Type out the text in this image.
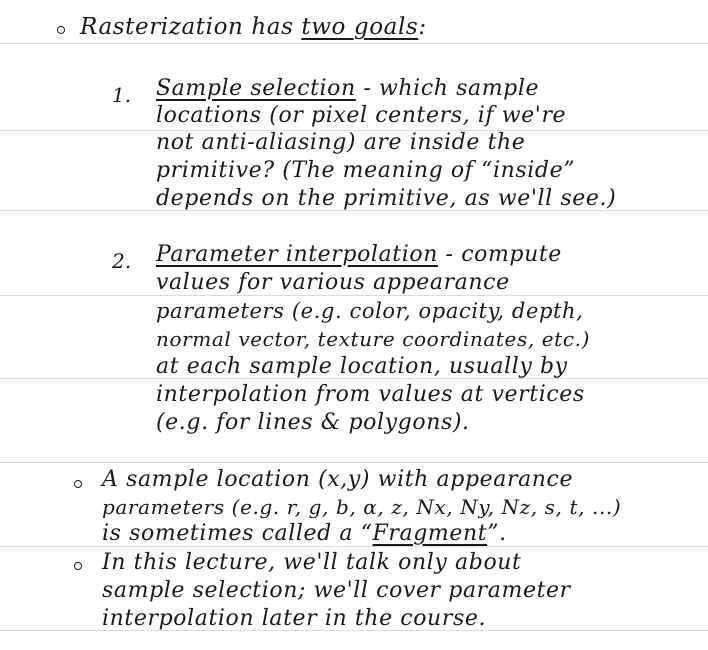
Rasterization has two goals:
1. Sample selection - which sample
locations (or pixel centers, if we're
not anti-aliasing) are inside the
primitive? (The meaning of “inside”
depends on the primitive, as we'll see.)
2. Parameter interpolation - compute
values for various appearance
parameters (e.g. color, opacity, depth,
normal vector, texture coordinates, etc.)
at each sample location, usually by
interpolation from values at vertices
(e.g. for lines & polygons).
A sample location (x,y) with appearance
parameters (e.g. r, g, b, α, z, Nx, Ny, Nz, s, t, ...)
is sometimes called a “Fragment”.
In this lecture, we'll talk only about
sample selection; we'll cover parameter
interpolation later in the course.
